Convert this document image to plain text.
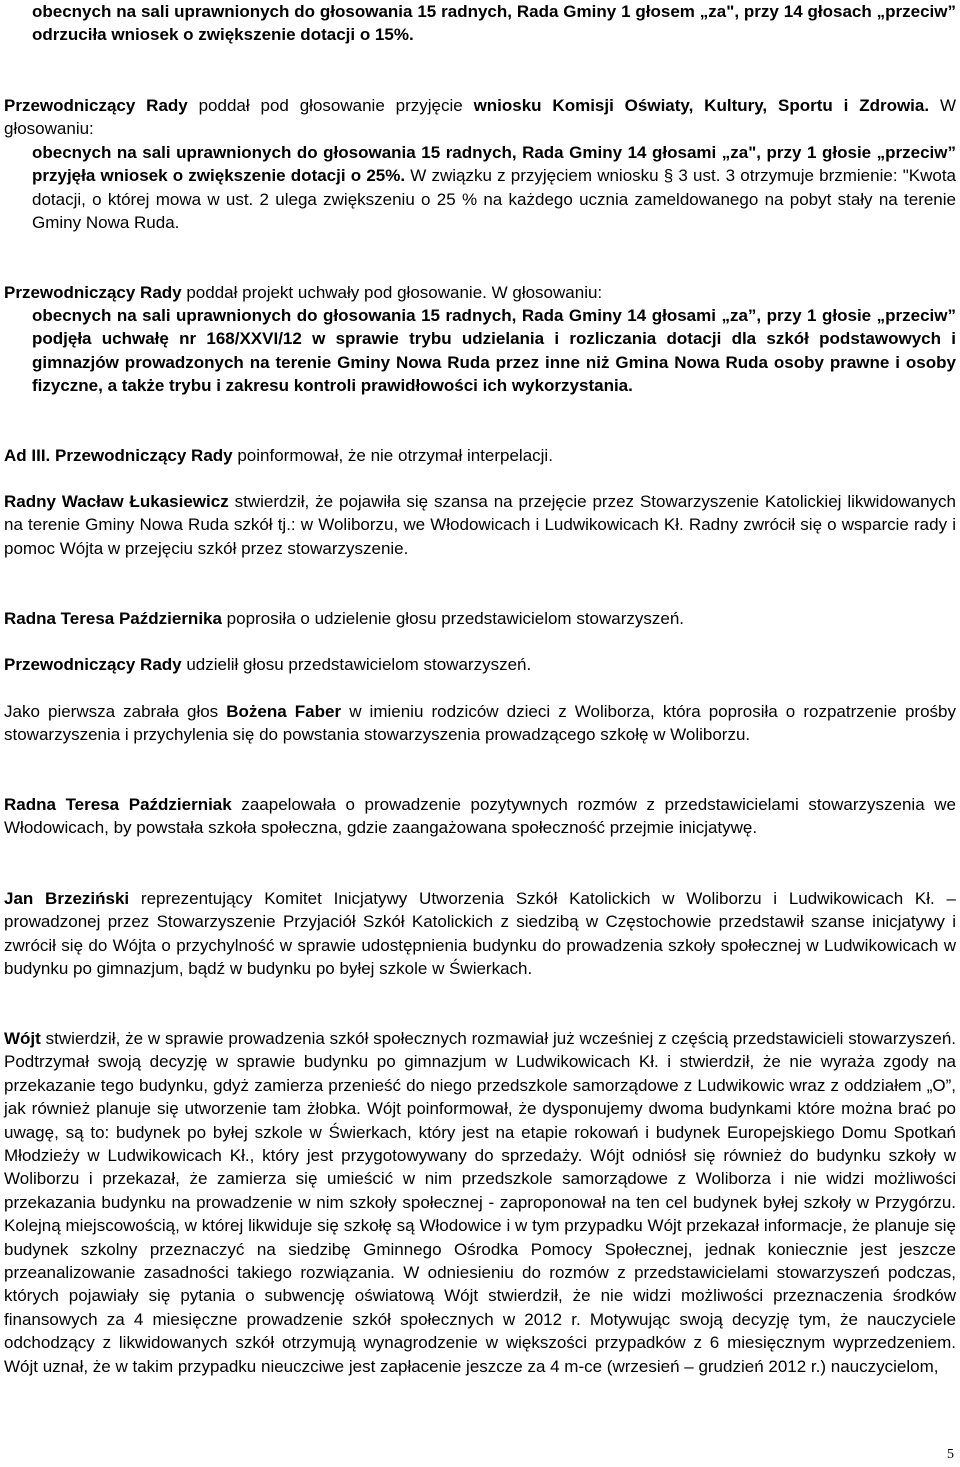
obecnych na sali uprawnionych do głosowania 15 radnych, Rada Gminy 1 głosem „za", przy 14 głosach „przeciw” odrzuciła wniosek o zwiększenie dotacji o 15%.

Przewodniczący Rady poddał pod głosowanie przyjęcie wniosku Komisji Oświaty, Kultury, Sportu i Zdrowia. W głosowaniu:

obecnych na sali uprawnionych do głosowania 15 radnych, Rada Gminy 14 głosami „za", przy 1 głosie „przeciw” przyjęła wniosek o zwiększenie dotacji o 25%. W związku z przyjęciem wniosku § 3 ust. 3 otrzymuje brzmienie: "Kwota dotacji, o której mowa w ust. 2 ulega zwiększeniu o 25 % na każdego ucznia zameldowanego na pobyt stały na terenie Gminy Nowa Ruda.

Przewodniczący Rady poddał projekt uchwały pod głosowanie. W głosowaniu:

obecnych na sali uprawnionych do głosowania 15 radnych, Rada Gminy 14 głosami „za”, przy 1 głosie „przeciw” podjęła uchwałę nr 168/XXVI/12 w sprawie trybu udzielania i rozliczania dotacji dla szkół podstawowych i gimnazjów prowadzonych na terenie Gminy Nowa Ruda przez inne niż Gmina Nowa Ruda osoby prawne i osoby fizyczne, a także trybu i zakresu kontroli prawidłowości ich wykorzystania.

Ad III. Przewodniczący Rady poinformował, że nie otrzymał interpelacji.

Radny Wacław Łukasiewicz stwierdził, że pojawiła się szansa na przejęcie przez Stowarzyszenie Katolickiej likwidowanych na terenie Gminy Nowa Ruda szkół tj.: w Woliborzu, we Włodowicach i Ludwikowicach Kł. Radny zwrócił się o wsparcie rady i pomoc Wójta w przejęciu szkół przez stowarzyszenie.

Radna Teresa Października poprosiła o udzielenie głosu przedstawicielom stowarzyszeń.

Przewodniczący Rady udzielił głosu przedstawicielom stowarzyszeń.

Jako pierwsza zabrała głos Bożena Faber w imieniu rodziców dzieci z Woliborza, która poprosiła o rozpatrzenie prośby stowarzyszenia i przychylenia się do powstania stowarzyszenia prowadzącego szkołę w Woliborzu.

Radna Teresa Październiak zaapelowała o prowadzenie pozytywnych rozmów z przedstawicielami stowarzyszenia we Włodowicach, by powstała szkoła społeczna, gdzie zaangażowana społeczność przejmie inicjatywę.

Jan Brzeziński reprezentujący Komitet Inicjatywy Utworzenia Szkół Katolickich w Woliborzu i Ludwikowicach Kł. – prowadzonej przez Stowarzyszenie Przyjaciół Szkół Katolickich z siedzibą w Częstochowie przedstawił szanse inicjatywy i zwrócił się do Wójta o przychylność w sprawie udostępnienia budynku do prowadzenia szkoły społecznej w Ludwikowicach w budynku po gimnazjum, bądź w budynku po byłej szkole w Świerkach.

Wójt stwierdził, że w sprawie prowadzenia szkół społecznych rozmawiał już wcześniej z częścią przedstawicieli stowarzyszeń. Podtrzymał swoją decyzję w sprawie budynku po gimnazjum w Ludwikowicach Kł. i stwierdził, że nie wyraża zgody na przekazanie tego budynku, gdyż zamierza przenieść do niego przedszkole samorządowe z Ludwikowic wraz z oddziałem „O”, jak również planuje się utworzenie tam żłobka. Wójt poinformował, że dysponujemy dwoma budynkami które można brać po uwagę, są to: budynek po byłej szkole w Świerkach, który jest na etapie rokowań i budynek Europejskiego Domu Spotkań Młodzieży w Ludwikowicach Kł., który jest przygotowywany do sprzedaży. Wójt odniósł się również do budynku szkoły w Woliborzu i przekazał, że zamierza się umieścić w nim przedszkole samorządowe z Woliborza i nie widzi możliwości przekazania budynku na prowadzenie w nim szkoły społecznej - zaproponował na ten cel budynek byłej szkoły w Przygórzu. Kolejną miejscowością, w której likwiduje się szkołę są Włodowice i w tym przypadku Wójt przekazał informacje, że planuje się budynek szkolny przeznaczyć na siedzibę Gminnego Ośrodka Pomocy Społecznej, jednak koniecznie jest jeszcze przeanalizowanie zasadności takiego rozwiązania. W odniesieniu do rozmów z przedstawicielami stowarzyszeń podczas, których pojawiały się pytania o subwencję oświatową Wójt stwierdził, że nie widzi możliwości przeznaczenia środków finansowych za 4 miesięczne prowadzenie szkół społecznych w 2012 r. Motywując swoją decyzję tym, że nauczyciele odchodzący z likwidowanych szkół otrzymują wynagrodzenie w większości przypadków z 6 miesięcznym wyprzedzeniem. Wójt uznał, że w takim przypadku nieuczciwe jest zapłacenie jeszcze za 4 m-ce (wrzesień – grudzień 2012 r.) nauczycielom,

5
